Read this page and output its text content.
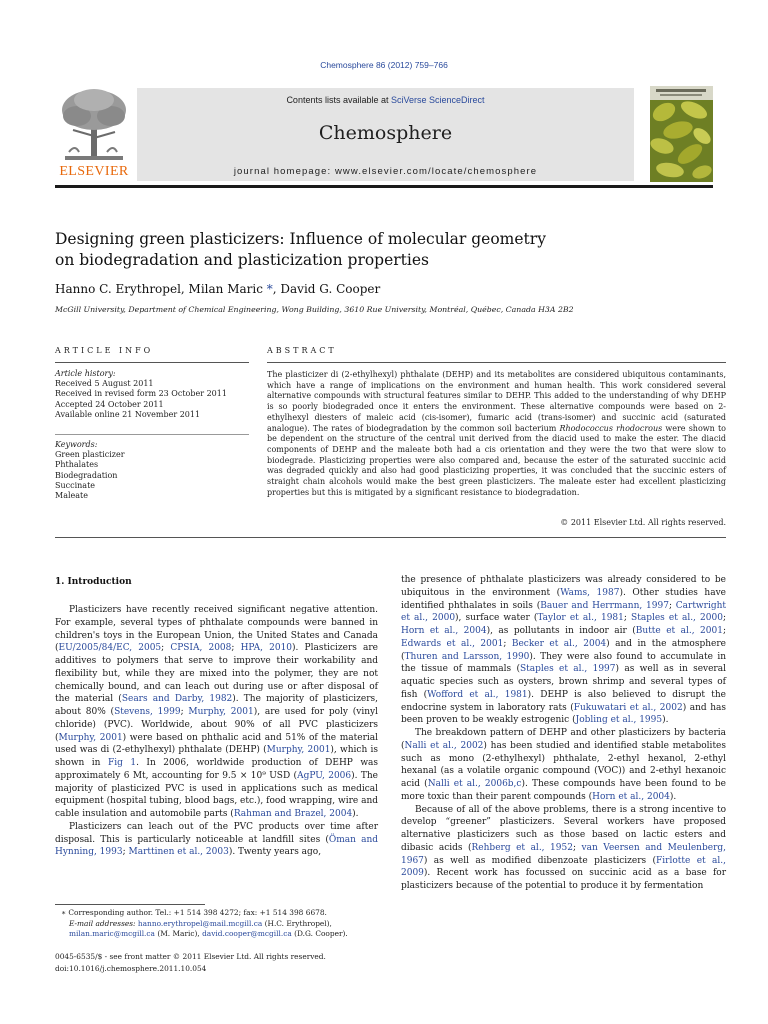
Chemosphere 86 (2012) 759–766
ELSEVIER
Contents lists available at SciVerse ScienceDirect
Chemosphere
journal homepage: www.elsevier.com/locate/chemosphere
Designing green plasticizers: Influence of molecular geometry
on biodegradation and plasticization properties
Hanno C. Erythropel, Milan Maric *, David G. Cooper
McGill University, Department of Chemical Engineering, Wong Building, 3610 Rue University, Montréal, Québec, Canada H3A 2B2
ARTICLE INFO
Article history:
Received 5 August 2011
Received in revised form 23 October 2011
Accepted 24 October 2011
Available online 21 November 2011
Keywords:
Green plasticizer
Phthalates
Biodegradation
Succinate
Maleate
ABSTRACT
The plasticizer di (2-ethylhexyl) phthalate (DEHP) and its metabolites are considered ubiquitous contaminants, which have a range of implications on the environment and human health. This work considered several alternative compounds with structural features similar to DEHP. This added to the understanding of why DEHP is so poorly biodegraded once it enters the environment. These alternative compounds were based on 2-ethylhexyl diesters of maleic acid (cis-isomer), fumaric acid (trans-isomer) and succinic acid (saturated analogue). The rates of biodegradation by the common soil bacterium Rhodococcus rhodocrous were shown to be dependent on the structure of the central unit derived from the diacid used to make the ester. The diacid components of DEHP and the maleate both had a cis orientation and they were the two that were slow to biodegrade. Plasticizing properties were also compared and, because the ester of the saturated succinic acid was degraded quickly and also had good plasticizing properties, it was concluded that the succinic esters of straight chain alcohols would make the best green plasticizers. The maleate ester had excellent plasticizing properties but this is mitigated by a significant resistance to biodegradation.
© 2011 Elsevier Ltd. All rights reserved.
1. Introduction

Plasticizers have recently received significant negative attention. For example, several types of phthalate compounds were banned in children's toys in the European Union, the United States and Canada (EU/2005/84/EC, 2005; CPSIA, 2008; HPA, 2010). Plasticizers are additives to polymers that serve to improve their workability and flexibility but, while they are mixed into the polymer, they are not chemically bound, and can leach out during use or after disposal of the material (Sears and Darby, 1982). The majority of plasticizers, about 80% (Stevens, 1999; Murphy, 2001), are used for poly (vinyl chloride) (PVC). Worldwide, about 90% of all PVC plasticizers (Murphy, 2001) were based on phthalic acid and 51% of the material used was di (2-ethylhexyl) phthalate (DEHP) (Murphy, 2001), which is shown in Fig 1. In 2006, worldwide production of DEHP was approximately 6 Mt, accounting for 9.5 × 10⁹ USD (AgPU, 2006). The majority of plasticized PVC is used in applications such as medical equipment (hospital tubing, blood bags, etc.), food wrapping, wire and cable insulation and automobile parts (Rahman and Brazel, 2004).

Plasticizers can leach out of the PVC products over time after disposal. This is particularly noticeable at landfill sites (Öman and Hynning, 1993; Marttinen et al., 2003). Twenty years ago,

the presence of phthalate plasticizers was already considered to be ubiquitous in the environment (Wams, 1987). Other studies have identified phthalates in soils (Bauer and Herrmann, 1997; Cartwright et al., 2000), surface water (Taylor et al., 1981; Staples et al., 2000; Horn et al., 2004), as pollutants in indoor air (Butte et al., 2001; Edwards et al., 2001; Becker et al., 2004) and in the atmosphere (Thuren and Larsson, 1990). They were also found to accumulate in the tissue of mammals (Staples et al., 1997) as well as in several aquatic species such as oysters, brown shrimp and several types of fish (Wofford et al., 1981). DEHP is also believed to disrupt the endocrine system in laboratory rats (Fukuwatari et al., 2002) and has been proven to be weakly estrogenic (Jobling et al., 1995).

The breakdown pattern of DEHP and other plasticizers by bacteria (Nalli et al., 2002) has been studied and identified stable metabolites such as mono (2-ethylhexyl) phthalate, 2-ethyl hexanol, 2-ethyl hexanal (as a volatile organic compound (VOC)) and 2-ethyl hexanoic acid (Nalli et al., 2006b,c). These compounds have been found to be more toxic than their parent compounds (Horn et al., 2004).

Because of all of the above problems, there is a strong incentive to develop “greener” plasticizers. Several workers have proposed alternative plasticizers such as those based on lactic esters and dibasic acids (Rehberg et al., 1952; van Veersen and Meulenberg, 1967) as well as modified dibenzoate plasticizers (Firlotte et al., 2009). Recent work has focussed on succinic acid as a base for plasticizers because of the potential to produce it by fermentation

∗ Corresponding author. Tel.: +1 514 398 4272; fax: +1 514 398 6678.
E-mail addresses: hanno.erythropel@mail.mcgill.ca (H.C. Erythropel), milan.maric@mcgill.ca (M. Maric), david.cooper@mcgill.ca (D.G. Cooper).
0045-6535/$ - see front matter © 2011 Elsevier Ltd. All rights reserved.
doi:10.1016/j.chemosphere.2011.10.054
